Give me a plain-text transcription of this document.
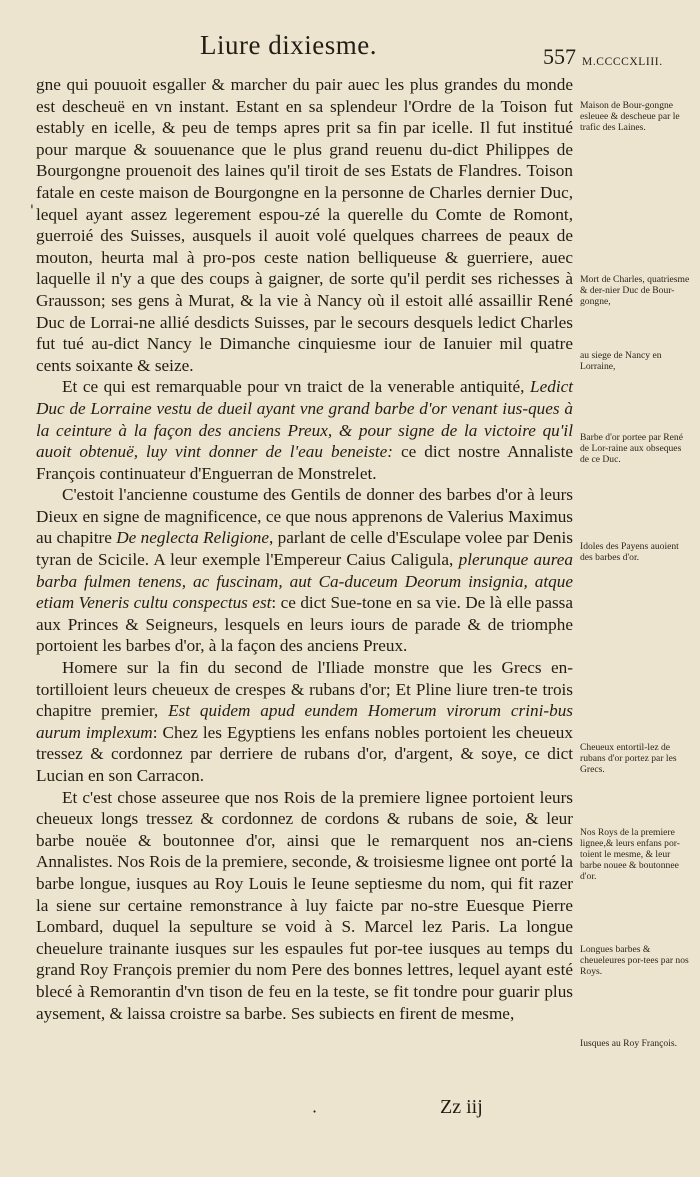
Liure dixiesme.	557 M.CCCCXLIII.
'

gne qui pouuoit esgaller & marcher du pair auec les plus grandes du monde est descheuë en vn instant. Estant en sa splendeur l'Ordre de la Toison fut estably en icelle, & peu de temps apres prit sa fin par icelle. Il fut institué pour marque & souuenance que le plus grand reuenu du-dict Philippes de Bourgongne prouenoit des laines qu'il tiroit de ses Estats de Flandres. Toison fatale en ceste maison de Bourgongne en la personne de Charles dernier Duc, lequel ayant assez legerement espou-zé la querelle du Comte de Romont, guerroié des Suisses, ausquels il auoit volé quelques charrees de peaux de mouton, heurta mal à pro-pos ceste nation belliqueuse & guerriere, auec laquelle il n'y a que des coups à gaigner, de sorte qu'il perdit ses richesses à Grausson; ses gens à Murat, & la vie à Nancy où il estoit allé assaillir René Duc de Lorrai-ne allié desdicts Suisses, par le secours desquels ledict Charles fut tué au-dict Nancy le Dimanche cinquiesme iour de Ianuier mil quatre cents soixante & seize.

Et ce qui est remarquable pour vn traict de la venerable antiquité, Ledict Duc de Lorraine vestu de dueil ayant vne grand barbe d'or venant ius-ques à la ceinture à la façon des anciens Preux, & pour signe de la victoire qu'il auoit obtenuë, luy vint donner de l'eau beneiste: ce dict nostre Annaliste François continuateur d'Enguerran de Monstrelet.

C'estoit l'ancienne coustume des Gentils de donner des barbes d'or à leurs Dieux en signe de magnificence, ce que nous apprenons de Valerius Maximus au chapitre De neglecta Religione, parlant de celle d'Esculape volee par Denis tyran de Scicile. A leur exemple l'Empereur Caius Caligula, plerunque aurea barba fulmen tenens, ac fuscinam, aut Ca-duceum Deorum insignia, atque etiam Veneris cultu conspectus est: ce dict Sue-tone en sa vie. De là elle passa aux Princes & Seigneurs, lesquels en leurs iours de parade & de triomphe portoient les barbes d'or, à la façon des anciens Preux.

Homere sur la fin du second de l'Iliade monstre que les Grecs en-tortilloient leurs cheueux de crespes & rubans d'or; Et Pline liure tren-te trois chapitre premier, Est quidem apud eundem Homerum virorum crini-bus aurum implexum: Chez les Egyptiens les enfans nobles portoient les cheueux tressez & cordonnez par derriere de rubans d'or, d'argent, & soye, ce dict Lucian en son Carracon.

Et c'est chose asseuree que nos Rois de la premiere lignee portoient leurs cheueux longs tressez & cordonnez de cordons & rubans de soie, & leur barbe nouëe & boutonnee d'or, ainsi que le remarquent nos an-ciens Annalistes. Nos Rois de la premiere, seconde, & troisiesme lignee ont porté la barbe longue, iusques au Roy Louis le Ieune septiesme du nom, qui fit razer la siene sur certaine remonstrance à luy faicte par no-stre Euesque Pierre Lombard, duquel la sepulture se void à S. Marcel lez Paris. La longue cheuelure trainante iusques sur les espaules fut por-tee iusques au temps du grand Roy François premier du nom Pere des bonnes lettres, lequel ayant esté blecé à Remorantin d'vn tison de feu en la teste, se fit tondre pour guarir plus aysement, & laissa croistre sa barbe. Ses subiects en firent de mesme,

Maison de Bour-gongne esleuee & descheue par le trafic des Laines.
Mort de Charles, quatriesme & der-nier Duc de Bour-gongne,
au siege de Nancy en Lorraine,
Barbe d'or portee par René de Lor-raine aux obseques de ce Duc.
Idoles des Payens auoient des barbes d'or.
Cheueux entortil-lez de rubans d'or portez par les Grecs.
Nos Roys de la premiere lignee,& leurs enfans por-toient le mesme, & leur barbe nouee & boutonnee d'or.
Longues barbes & cheueleures por-tees par nos Roys.
Iusques au Roy François.
·	Zz iij
